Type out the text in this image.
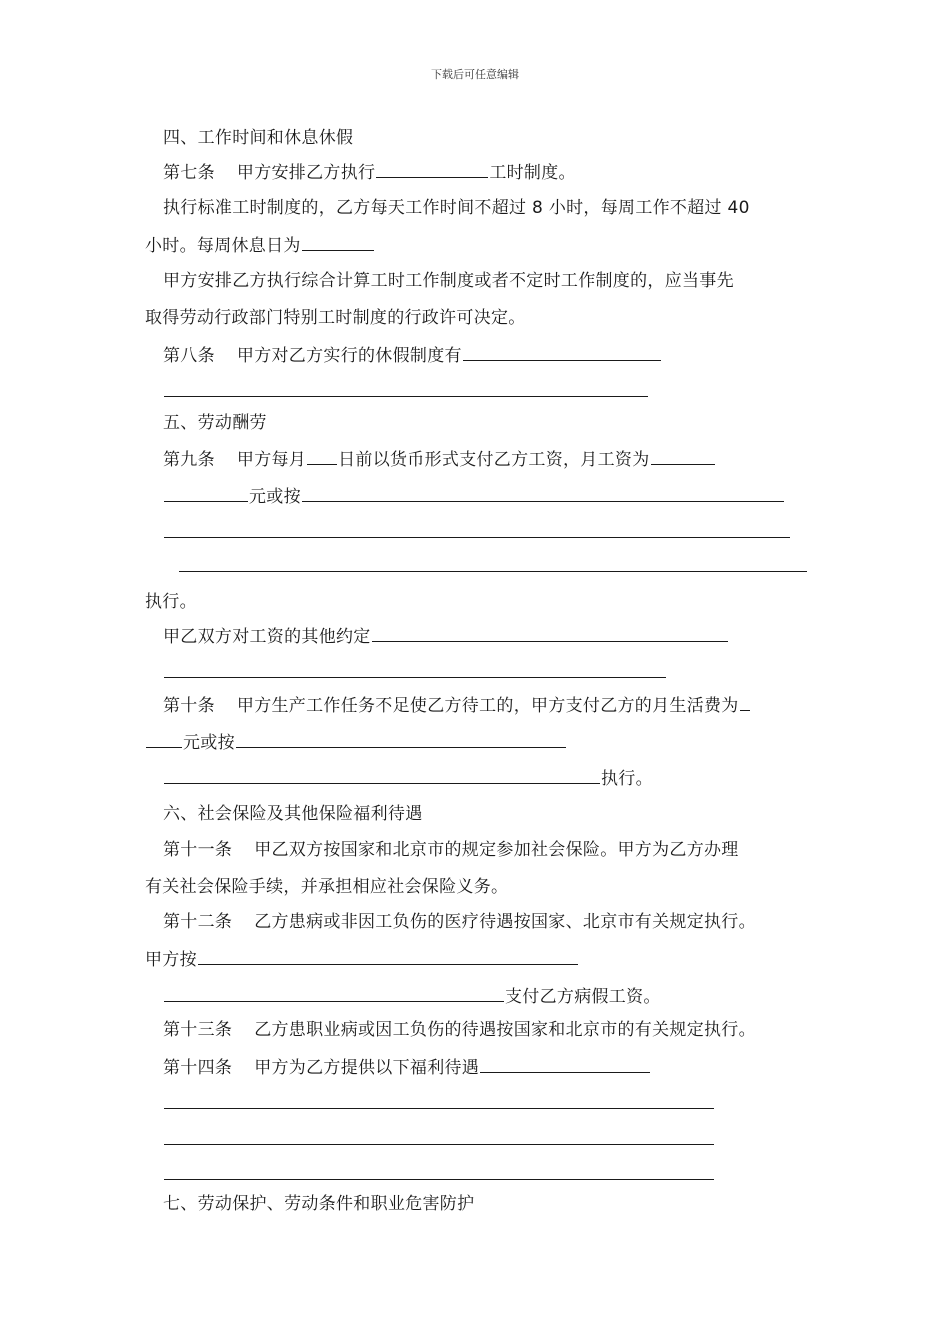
下载后可任意编辑
四、工作时间和休息休假
第七条 甲方安排乙方执行	工时制度。
执行标准工时制度的，乙方每天工作时间不超过 8 小时，每周工作不超过 40
小时。每周休息日为
甲方安排乙方执行综合计算工时工作制度或者不定时工作制度的，应当事先
取得劳动行政部门特别工时制度的行政许可决定。
第八条 甲方对乙方实行的休假制度有
五、劳动酬劳
第九条 甲方每月 日前以货币形式支付乙方工资，月工资为
元或按
执行。
甲乙双方对工资的其他约定
第十条 甲方生产工作任务不足使乙方待工的，甲方支付乙方的月生活费为
元或按
执行。
六、社会保险及其他保险福利待遇
第十一条 甲乙双方按国家和北京市的规定参加社会保险。甲方为乙方办理
有关社会保险手续，并承担相应社会保险义务。
第十二条 乙方患病或非因工负伤的医疗待遇按国家、北京市有关规定执行。
甲方按
支付乙方病假工资。
第十三条 乙方患职业病或因工负伤的待遇按国家和北京市的有关规定执行。
第十四条 甲方为乙方提供以下福利待遇
七、劳动保护、劳动条件和职业危害防护
